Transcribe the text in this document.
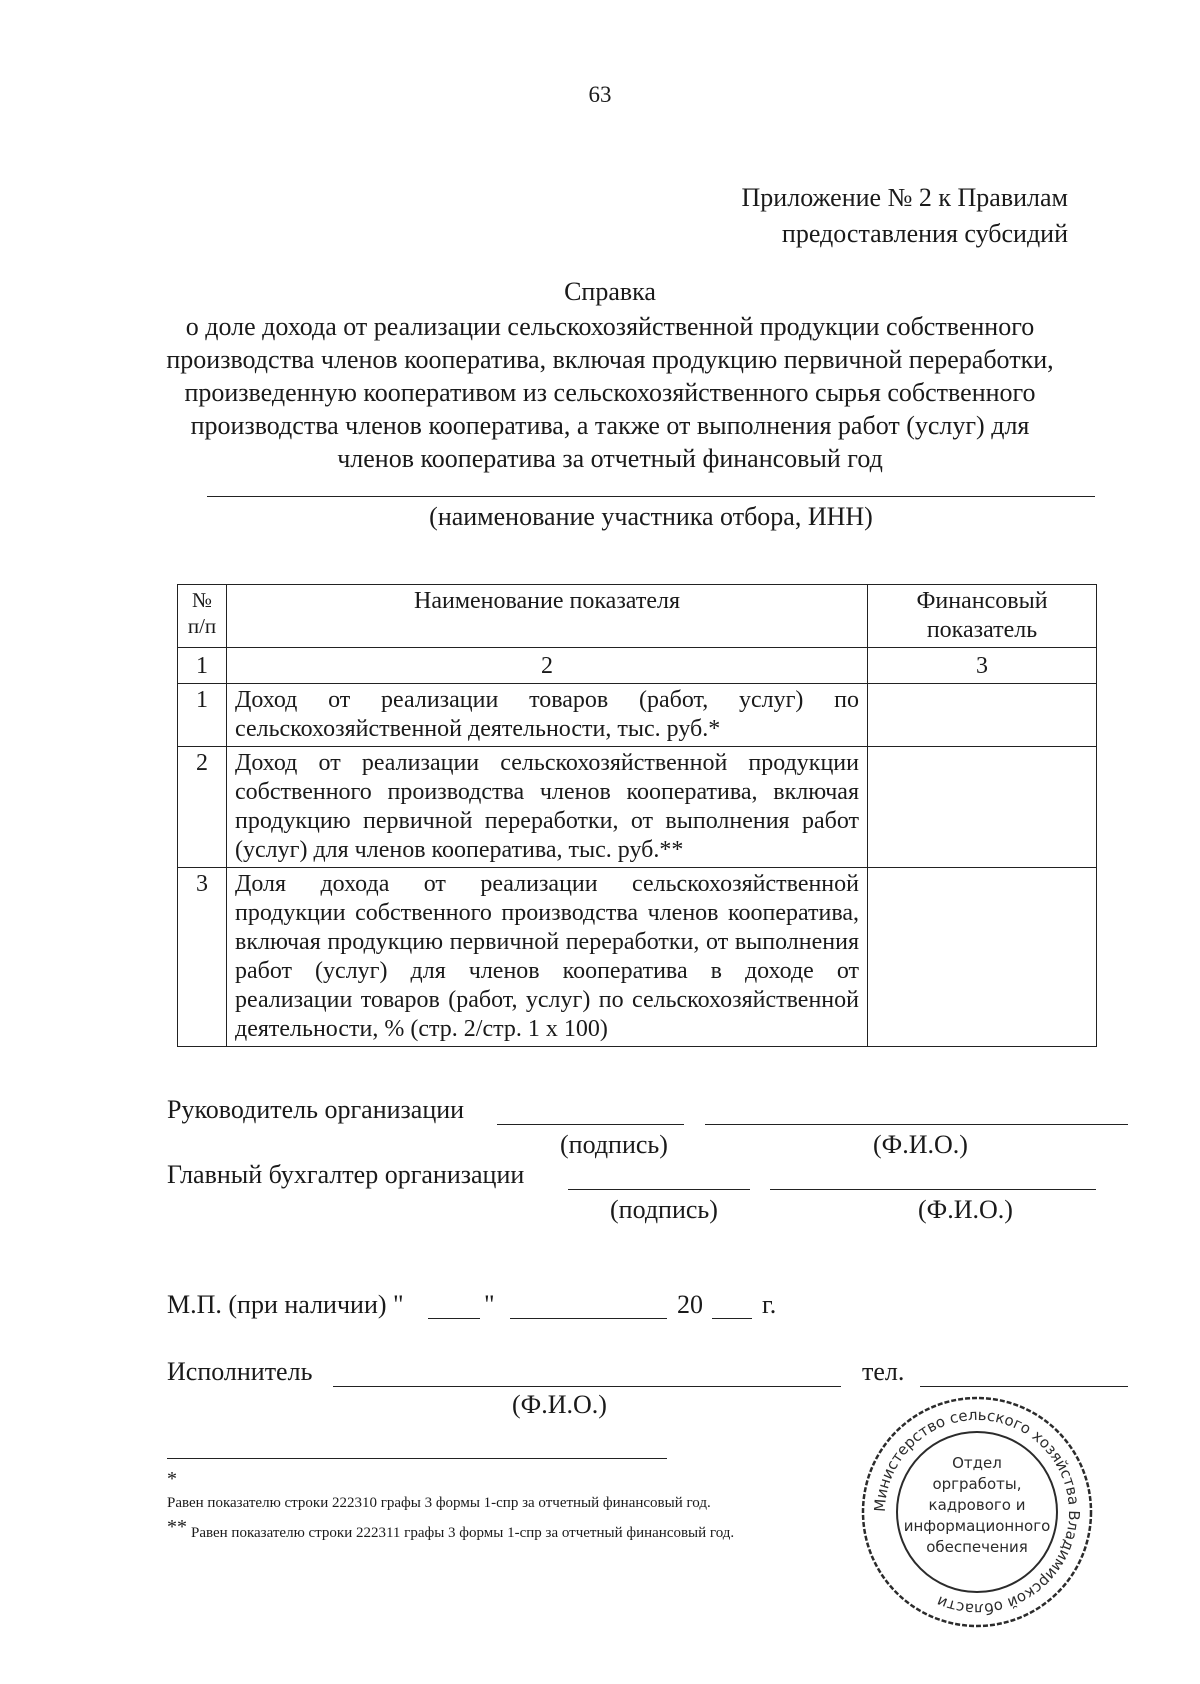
63
Приложение № 2 к Правилам
предоставления субсидий
Справка
о доле дохода от реализации сельскохозяйственной продукции собственного
производства членов кооператива, включая продукцию первичной переработки,
произведенную кооперативом из сельскохозяйственного сырья собственного
производства членов кооператива, а также от выполнения работ (услуг) для
членов кооператива за отчетный финансовый год
(наименование участника отбора, ИНН)
№ п/п	Наименование показателя	Финансовый показатель
1	2	3
1	Доход от реализации товаров (работ, услуг) по сельскохозяйственной деятельности, тыс. руб.*	
2	Доход от реализации сельскохозяйственной продукции собственного производства членов кооператива, включая продукцию первичной переработки, от выполнения работ (услуг) для членов кооператива, тыс. руб.**	
3	Доля дохода от реализации сельскохозяйственной продукции собственного производства членов кооператива, включая продукцию первичной переработки, от выполнения работ (услуг) для членов кооператива в доходе от реализации товаров (работ, услуг) по сельскохозяйственной деятельности, % (стр. 2/стр. 1 х 100)	
Руководитель организации
(подпись)	(Ф.И.О.)
Главный бухгалтер организации
(подпись)	(Ф.И.О.)
М.П. (при наличии) "	"	20 г.
Исполнитель
(Ф.И.О.)
тел.
*
Равен показателю строки 222310 графы 3 формы 1-спр за отчетный финансовый год.
** Равен показателю строки 222311 графы 3 формы 1-спр за отчетный финансовый год.
Министерство сельского хозяйства Владимирской области
Отдел
оргработы,
кадрового и
информационного
обеспечения
